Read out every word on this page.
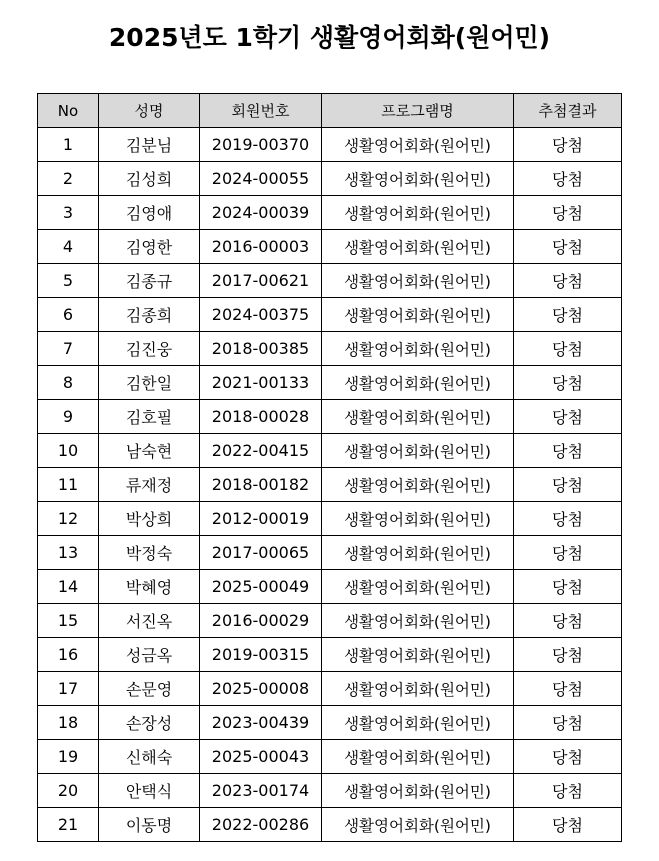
2025년도 1학기 생활영어회화(원어민)
No	성명	회원번호	프로그램명	추첨결과
1	김분님	2019-00370	생활영어회화(원어민)	당첨
2	김성희	2024-00055	생활영어회화(원어민)	당첨
3	김영애	2024-00039	생활영어회화(원어민)	당첨
4	김영한	2016-00003	생활영어회화(원어민)	당첨
5	김종규	2017-00621	생활영어회화(원어민)	당첨
6	김종희	2024-00375	생활영어회화(원어민)	당첨
7	김진웅	2018-00385	생활영어회화(원어민)	당첨
8	김한일	2021-00133	생활영어회화(원어민)	당첨
9	김호필	2018-00028	생활영어회화(원어민)	당첨
10	남숙현	2022-00415	생활영어회화(원어민)	당첨
11	류재정	2018-00182	생활영어회화(원어민)	당첨
12	박상희	2012-00019	생활영어회화(원어민)	당첨
13	박정숙	2017-00065	생활영어회화(원어민)	당첨
14	박혜영	2025-00049	생활영어회화(원어민)	당첨
15	서진옥	2016-00029	생활영어회화(원어민)	당첨
16	성금옥	2019-00315	생활영어회화(원어민)	당첨
17	손문영	2025-00008	생활영어회화(원어민)	당첨
18	손장성	2023-00439	생활영어회화(원어민)	당첨
19	신해숙	2025-00043	생활영어회화(원어민)	당첨
20	안택식	2023-00174	생활영어회화(원어민)	당첨
21	이동명	2022-00286	생활영어회화(원어민)	당첨
